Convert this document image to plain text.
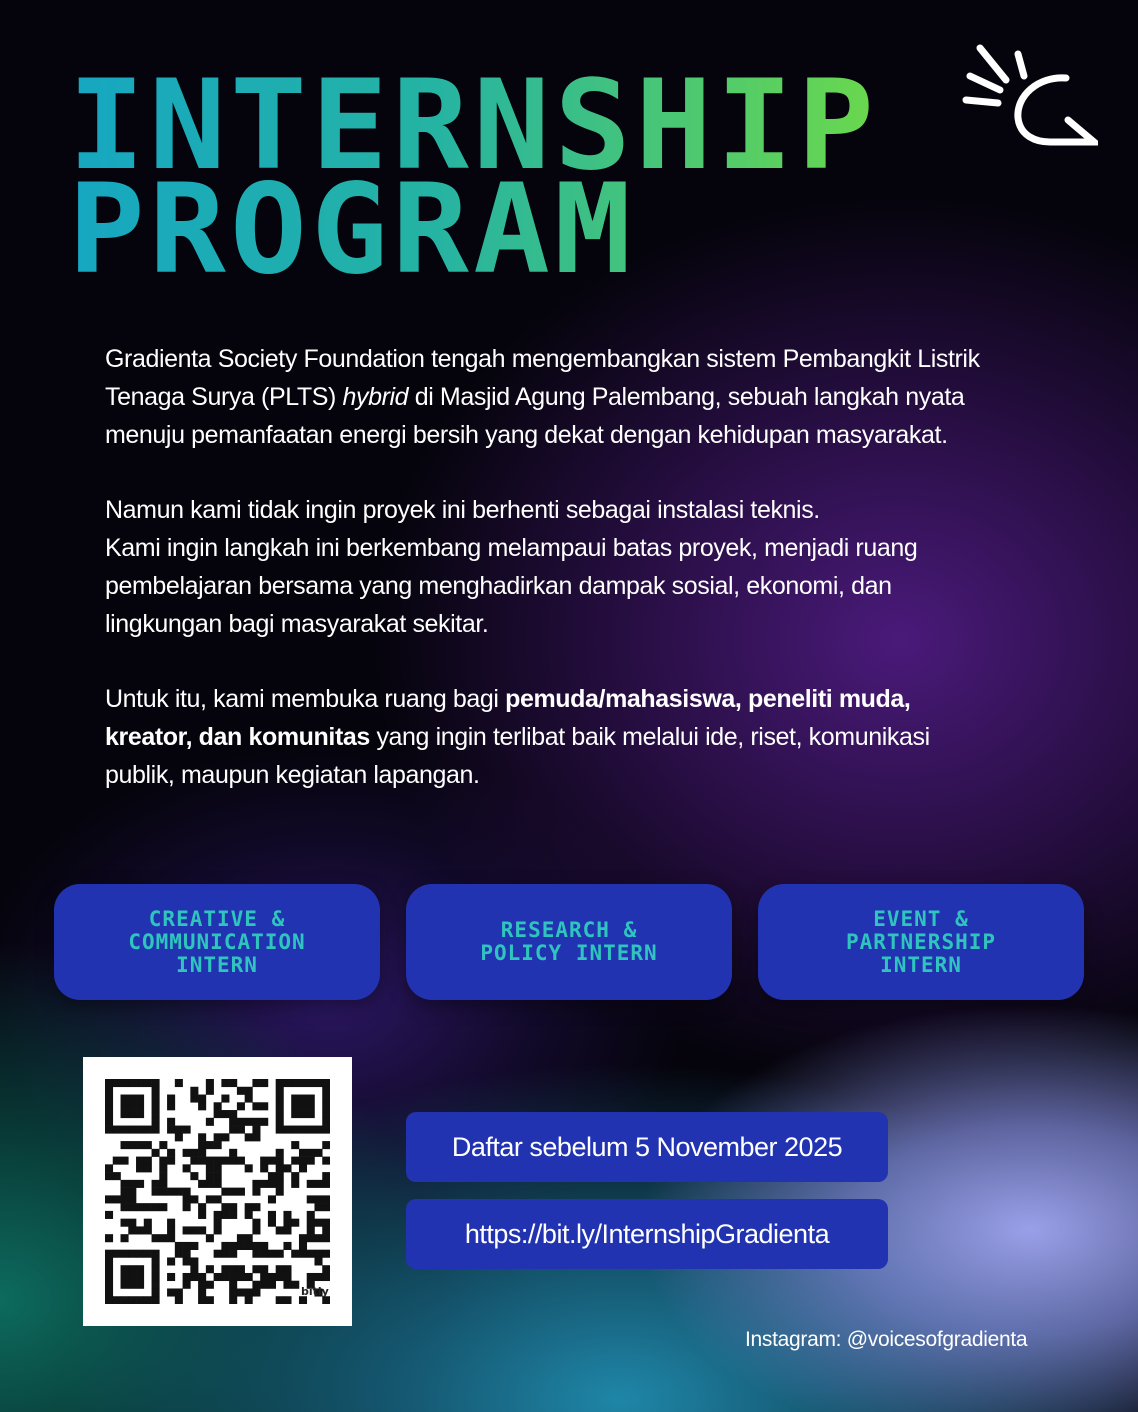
INTERNSHIP
PROGRAM

Gradienta Society Foundation tengah mengembangkan sistem Pembangkit Listrik Tenaga Surya (PLTS) hybrid di Masjid Agung Palembang, sebuah langkah nyata menuju pemanfaatan energi bersih yang dekat dengan kehidupan masyarakat.

Namun kami tidak ingin proyek ini berhenti sebagai instalasi teknis.

Kami ingin langkah ini berkembang melampaui batas proyek, menjadi ruang pembelajaran bersama yang menghadirkan dampak sosial, ekonomi, dan lingkungan bagi masyarakat sekitar.

Untuk itu, kami membuka ruang bagi pemuda/mahasiswa, peneliti muda, kreator, dan komunitas yang ingin terlibat baik melalui ide, riset, komunikasi publik, maupun kegiatan lapangan.

CREATIVE &
COMMUNICATION
INTERN
RESEARCH &
POLICY INTERN
EVENT &
PARTNERSHIP
INTERN
bitly
Daftar sebelum 5 November 2025
https://bit.ly/InternshipGradienta
Instagram: @voicesofgradienta
